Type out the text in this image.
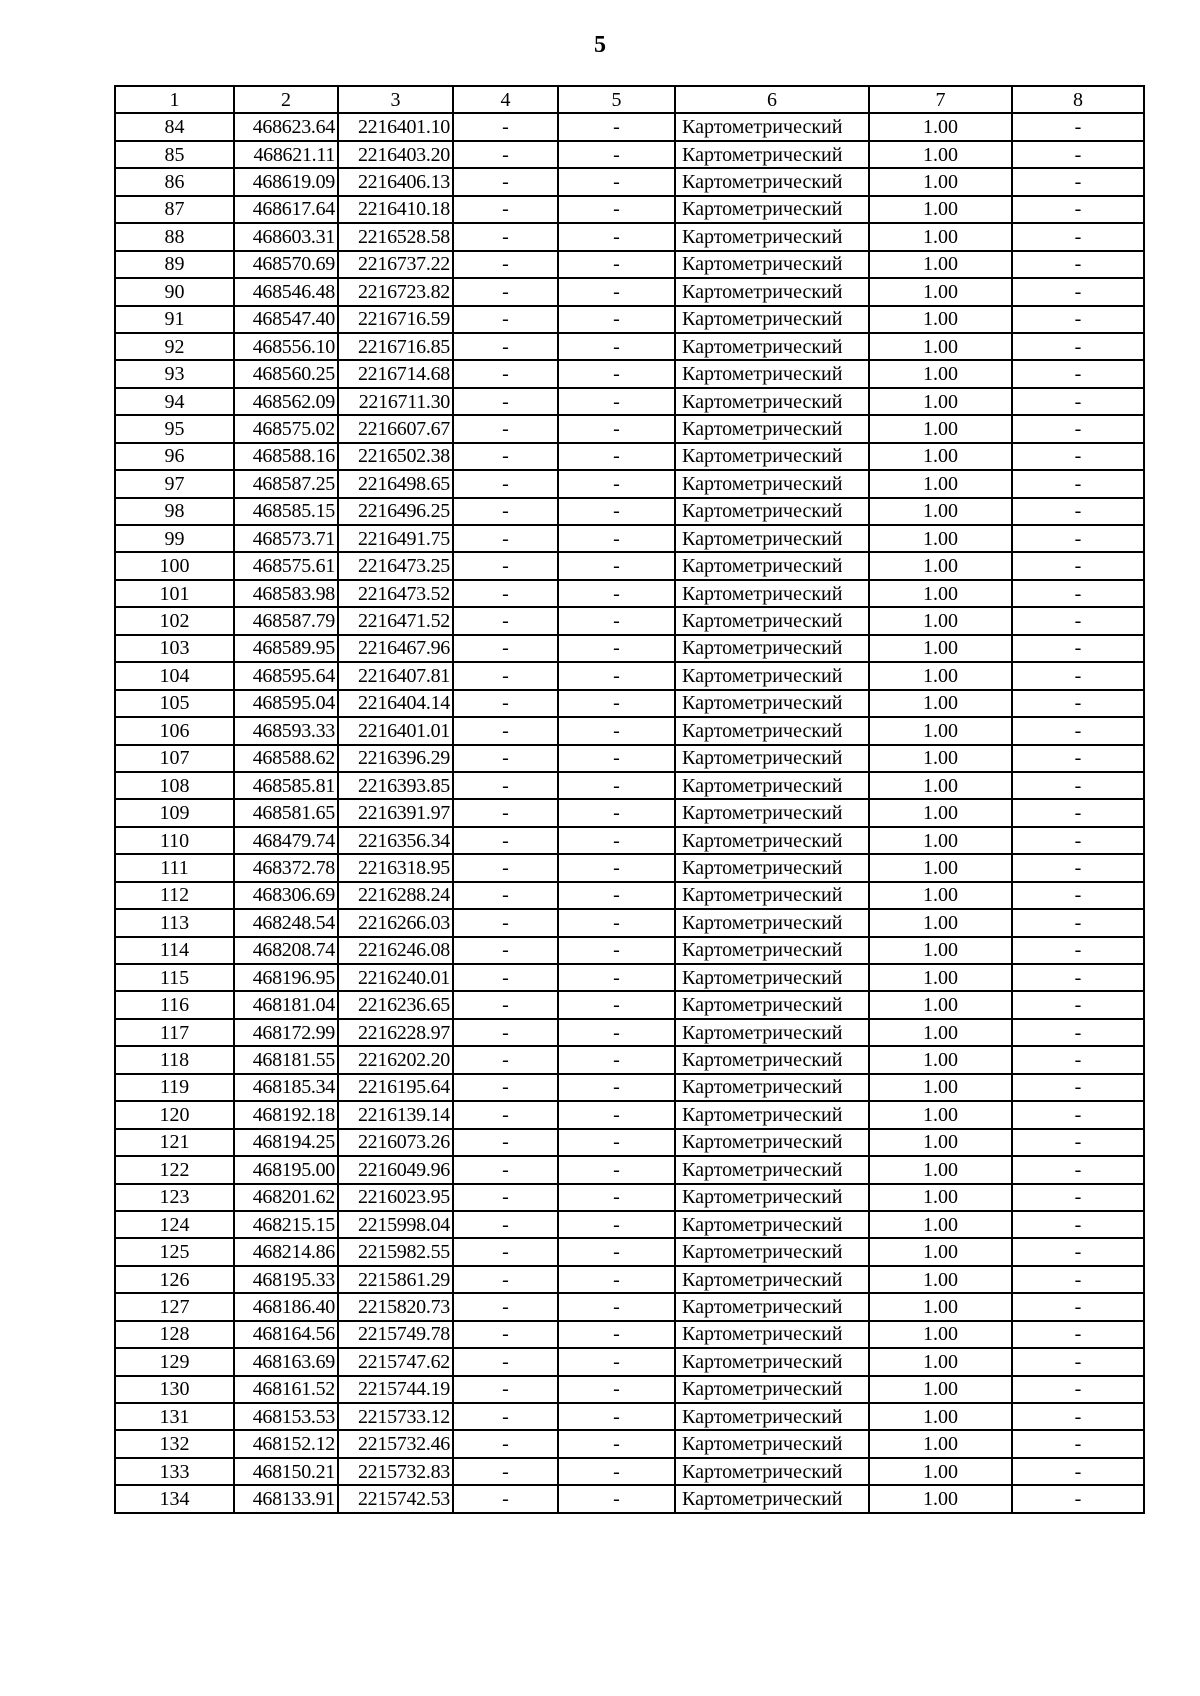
5
1	2	3	4	5	6	7	8
84	468623.64	2216401.10	-	-	Картометрический	1.00	-
85	468621.11	2216403.20	-	-	Картометрический	1.00	-
86	468619.09	2216406.13	-	-	Картометрический	1.00	-
87	468617.64	2216410.18	-	-	Картометрический	1.00	-
88	468603.31	2216528.58	-	-	Картометрический	1.00	-
89	468570.69	2216737.22	-	-	Картометрический	1.00	-
90	468546.48	2216723.82	-	-	Картометрический	1.00	-
91	468547.40	2216716.59	-	-	Картометрический	1.00	-
92	468556.10	2216716.85	-	-	Картометрический	1.00	-
93	468560.25	2216714.68	-	-	Картометрический	1.00	-
94	468562.09	2216711.30	-	-	Картометрический	1.00	-
95	468575.02	2216607.67	-	-	Картометрический	1.00	-
96	468588.16	2216502.38	-	-	Картометрический	1.00	-
97	468587.25	2216498.65	-	-	Картометрический	1.00	-
98	468585.15	2216496.25	-	-	Картометрический	1.00	-
99	468573.71	2216491.75	-	-	Картометрический	1.00	-
100	468575.61	2216473.25	-	-	Картометрический	1.00	-
101	468583.98	2216473.52	-	-	Картометрический	1.00	-
102	468587.79	2216471.52	-	-	Картометрический	1.00	-
103	468589.95	2216467.96	-	-	Картометрический	1.00	-
104	468595.64	2216407.81	-	-	Картометрический	1.00	-
105	468595.04	2216404.14	-	-	Картометрический	1.00	-
106	468593.33	2216401.01	-	-	Картометрический	1.00	-
107	468588.62	2216396.29	-	-	Картометрический	1.00	-
108	468585.81	2216393.85	-	-	Картометрический	1.00	-
109	468581.65	2216391.97	-	-	Картометрический	1.00	-
110	468479.74	2216356.34	-	-	Картометрический	1.00	-
111	468372.78	2216318.95	-	-	Картометрический	1.00	-
112	468306.69	2216288.24	-	-	Картометрический	1.00	-
113	468248.54	2216266.03	-	-	Картометрический	1.00	-
114	468208.74	2216246.08	-	-	Картометрический	1.00	-
115	468196.95	2216240.01	-	-	Картометрический	1.00	-
116	468181.04	2216236.65	-	-	Картометрический	1.00	-
117	468172.99	2216228.97	-	-	Картометрический	1.00	-
118	468181.55	2216202.20	-	-	Картометрический	1.00	-
119	468185.34	2216195.64	-	-	Картометрический	1.00	-
120	468192.18	2216139.14	-	-	Картометрический	1.00	-
121	468194.25	2216073.26	-	-	Картометрический	1.00	-
122	468195.00	2216049.96	-	-	Картометрический	1.00	-
123	468201.62	2216023.95	-	-	Картометрический	1.00	-
124	468215.15	2215998.04	-	-	Картометрический	1.00	-
125	468214.86	2215982.55	-	-	Картометрический	1.00	-
126	468195.33	2215861.29	-	-	Картометрический	1.00	-
127	468186.40	2215820.73	-	-	Картометрический	1.00	-
128	468164.56	2215749.78	-	-	Картометрический	1.00	-
129	468163.69	2215747.62	-	-	Картометрический	1.00	-
130	468161.52	2215744.19	-	-	Картометрический	1.00	-
131	468153.53	2215733.12	-	-	Картометрический	1.00	-
132	468152.12	2215732.46	-	-	Картометрический	1.00	-
133	468150.21	2215732.83	-	-	Картометрический	1.00	-
134	468133.91	2215742.53	-	-	Картометрический	1.00	-
